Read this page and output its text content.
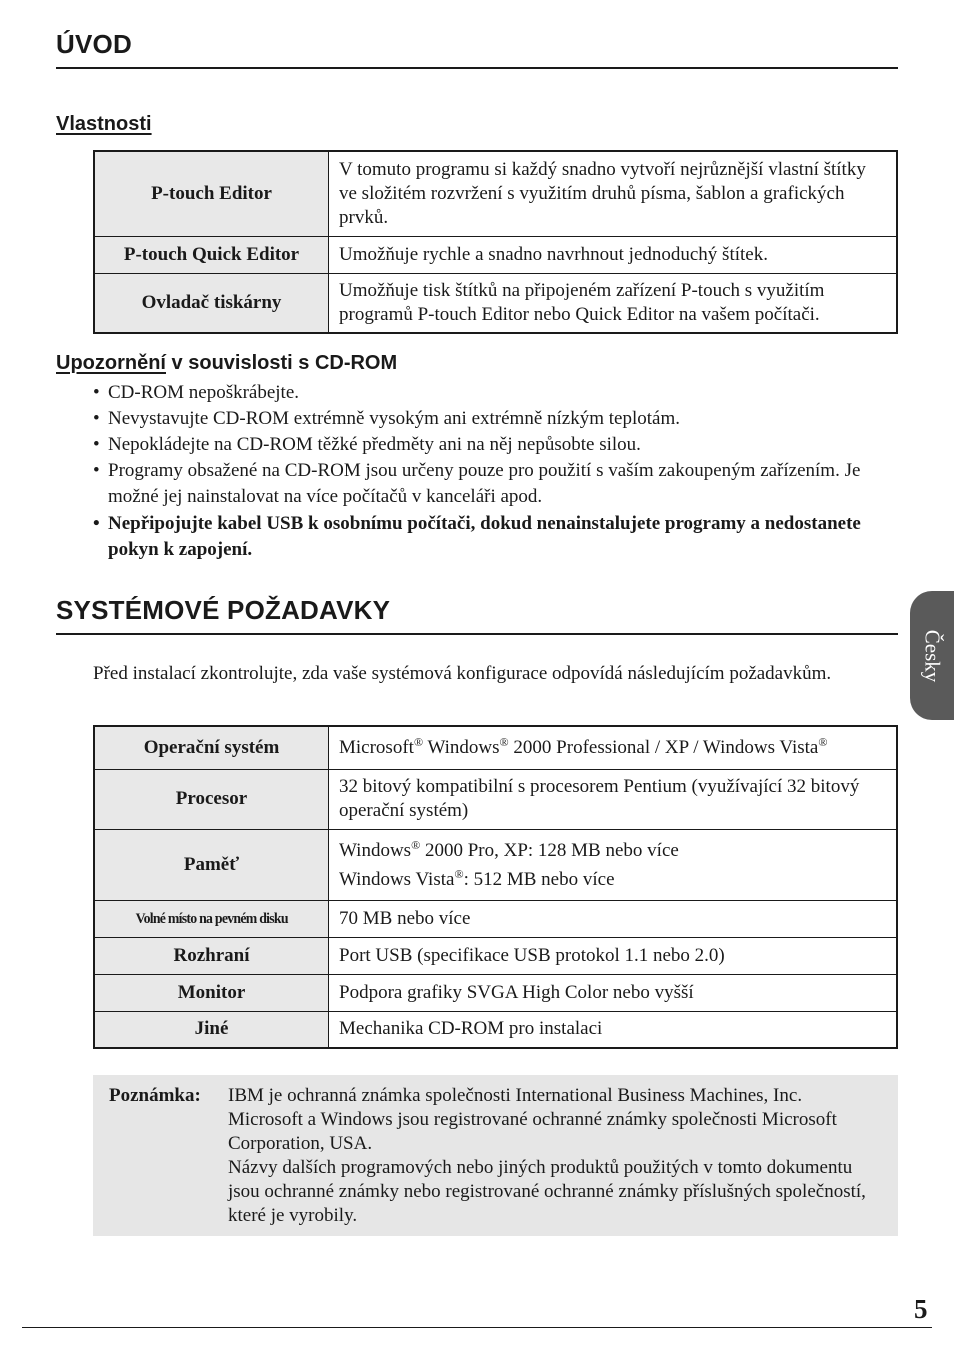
ÚVOD
Vlastnosti
P-touch Editor	V tomuto programu si každý snadno vytvoří nejrůznější vlastní štítky ve složitém rozvržení s využitím druhů písma, šablon a grafických prvků.
P-touch Quick Editor	Umožňuje rychle a snadno navrhnout jednoduchý štítek.
Ovladač tiskárny	Umožňuje tisk štítků na připojeném zařízení P-touch s využitím programů P-touch Editor nebo Quick Editor na vašem počítači.
Upozornění v souvislosti s CD-ROM
• CD-ROM nepoškrábejte.
• Nevystavujte CD-ROM extrémně vysokým ani extrémně nízkým teplotám.
• Nepokládejte na CD-ROM těžké předměty ani na něj nepůsobte silou.
• Programy obsažené na CD-ROM jsou určeny pouze pro použití s vaším zakoupeným zařízením. Je možné jej nainstalovat na více počítačů v kanceláři apod.
• Nepřipojujte kabel USB k osobnímu počítači, dokud nenainstalujete programy a nedostanete pokyn k zapojení.
SYSTÉMOVÉ POŽADAVKY
Před instalací zkontrolujte, zda vaše systémová konfigurace odpovídá následujícím požadavkům.
Operační systém	Microsoft® Windows® 2000 Professional / XP / Windows Vista®
Procesor	32 bitový kompatibilní s procesorem Pentium (využívající 32 bitový operační systém)
Paměť	Windows® 2000 Pro, XP: 128 MB nebo více
Windows Vista®: 512 MB nebo více

Volné místo na pevném disku	70 MB nebo více
Rozhraní	Port USB (specifikace USB protokol 1.1 nebo 2.0)
Monitor	Podpora grafiky SVGA High Color nebo vyšší
Jiné	Mechanika CD-ROM pro instalaci
Poznámka: IBM je ochranná známka společnosti International Business Machines, Inc.
Microsoft a Windows jsou registrované ochranné známky společnosti Microsoft Corporation, USA.
Názvy dalších programových nebo jiných produktů použitých v tomto dokumentu jsou ochranné známky nebo registrované ochranné známky příslušných společností, které je vyrobily.
Česky
5
